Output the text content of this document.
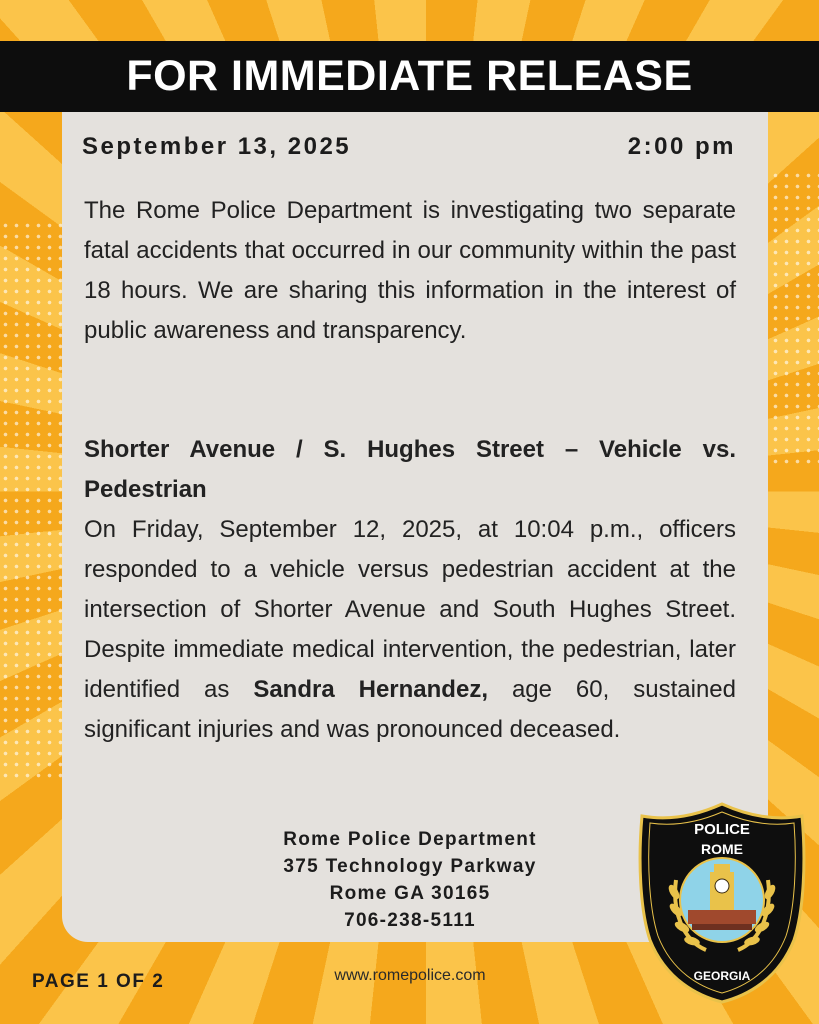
FOR IMMEDIATE RELEASE
September 13, 2025	2:00 pm
The Rome Police Department is investigating two separate fatal accidents that occurred in our community within the past 18 hours. We are sharing this information in the interest of public awareness and transparency.
Shorter Avenue / S. Hughes Street – Vehicle vs. Pedestrian
On Friday, September 12, 2025, at 10:04 p.m., officers responded to a vehicle versus pedestrian accident at the intersection of Shorter Avenue and South Hughes Street. Despite immediate medical intervention, the pedestrian, later identified as Sandra Hernandez, age 60, sustained significant injuries and was pronounced deceased.
Rome Police Department
375 Technology Parkway
Rome GA 30165
706-238-5111
PAGE 1 OF 2	www.romepolice.com
POLICE
ROME
GEORGIA
